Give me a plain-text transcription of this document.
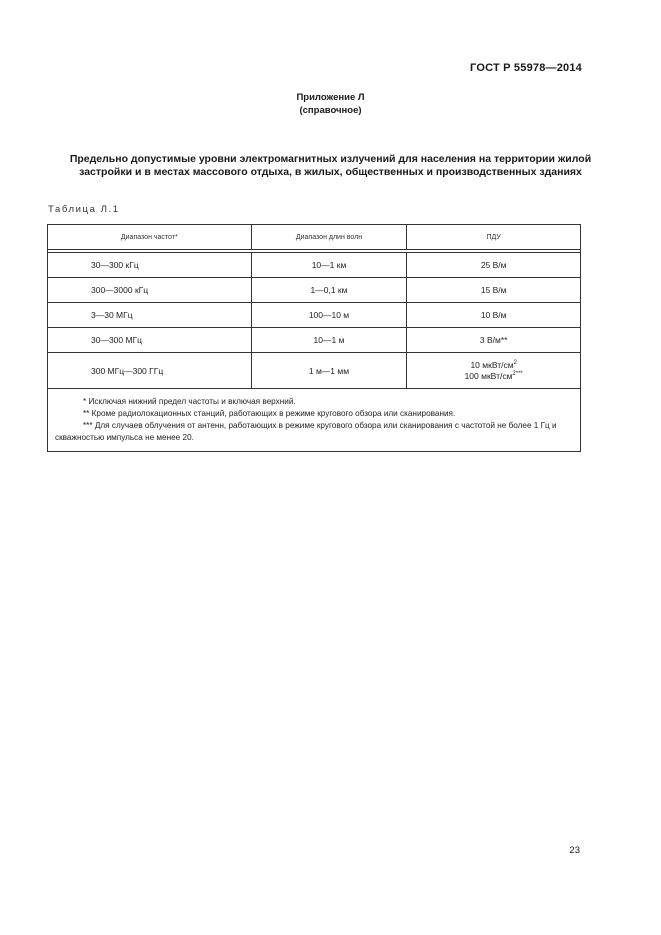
ГОСТ Р 55978—2014
Приложение Л
(справочное)
Предельно допустимые уровни электромагнитных излучений для населения на территории жилой застройки и в местах массового отдыха, в жилых, общественных и производственных зданиях
Таблица Л.1
Диапазон частот*	Диапазон длин волн	ПДУ

30—300 кГц	10—1 км	25 В/м
300—3000 кГц	1—0,1 км	15 В/м
3—30 МГц	100—10 м	10 В/м
30—300 МГц	10—1 м	3 В/м**
300 МГц—300 ГГц	1 м—1 мм	10 мкВт/$см^2$
100 мкВт/$см^{2***}$

* Исключая нижний предел частоты и включая верхний.
** Кроме радиолокационных станций, работающих в режиме кругового обзора или сканирования.
*** Для случаев облучения от антенн, работающих в режиме кругового обзора или сканирования с частотой не более 1 Гц и скважностью импульса не менее 20.		
23
